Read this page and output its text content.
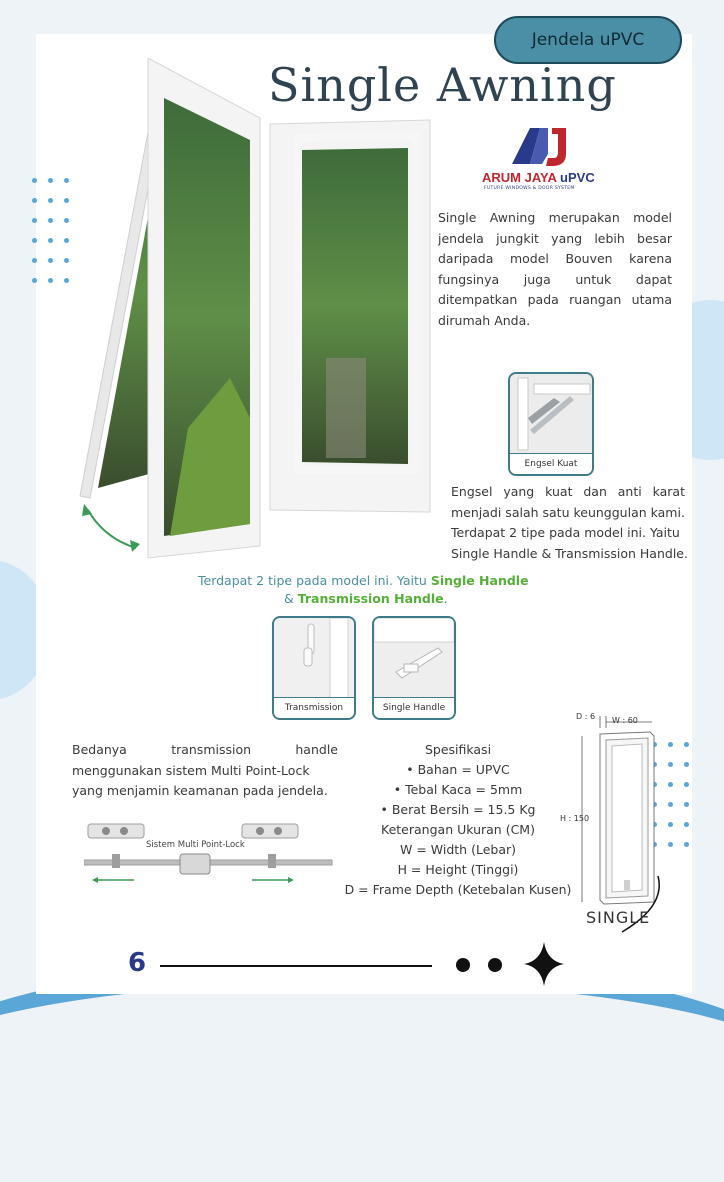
Jendela uPVC
Single Awning
ARUM JAYA uPVC
FUTURE WINDOWS & DOOR SYSTEM
Single Awning merupakan model
jendela jungkit yang lebih besar
daripada model Bouven karena
fungsinya juga untuk dapat
ditempatkan pada ruangan utama
dirumah Anda.
Engsel Kuat
Engsel yang kuat dan anti karat
menjadi salah satu keunggulan kami.
Terdapat 2 tipe pada model ini. Yaitu
Single Handle & Transmission Handle.
Terdapat 2 tipe pada model ini. Yaitu Single Handle
& Transmission Handle.
Transmission	Single Handle
Bedanya transmission handle
menggunakan sistem Multi Point-Lock
yang menjamin keamanan pada jendela.
Sistem Multi Point-Lock
Spesifikasi
• Bahan = UPVC
• Tebal Kaca = 5mm
• Berat Bersih = 15.5 Kg
Keterangan Ukuran (CM)
W = Width (Lebar)
H = Height (Tinggi)
D = Frame Depth (Ketebalan Kusen)
D : 6 W : 60
H : 150
SINGLE
6
